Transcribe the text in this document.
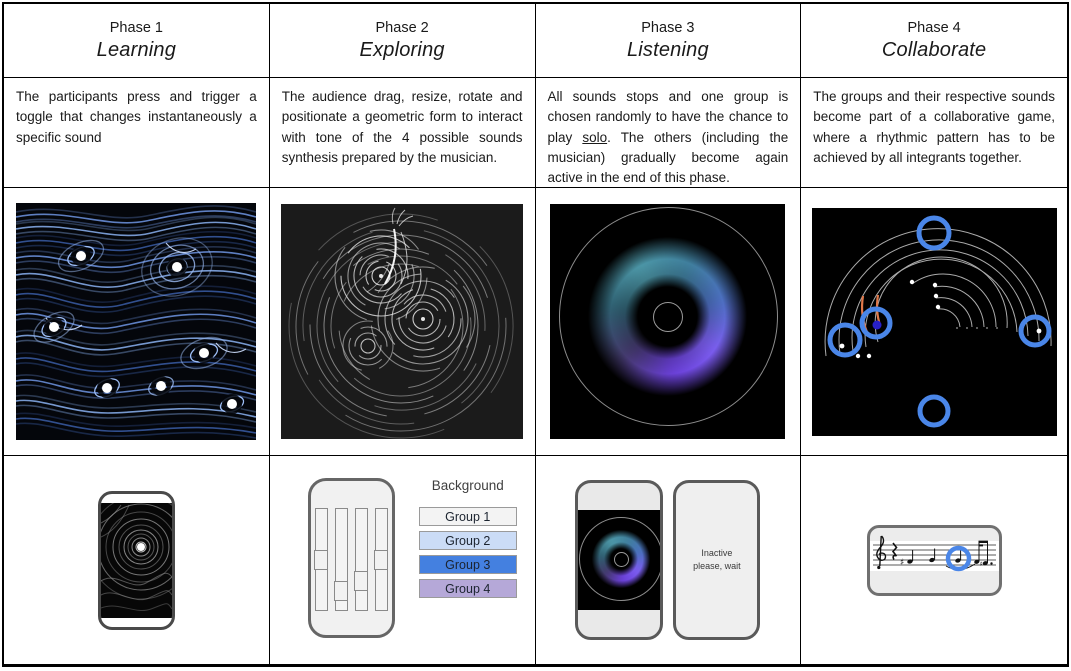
Phase 1
Learning
Phase 2
Exploring
Phase 3
Listening
Phase 4
Collaborate

The participants press and trigger a toggle that changes instantaneously a specific sound

The audience drag, resize, rotate and positionate a geometric form to interact with tone of the 4 possible sounds synthesis prepared by the musician.

All sounds stops and one group is chosen randomly to have the chance to play solo. The others (including the musician) gradually become again active in the end of this phase.

The groups and their respective sounds become part of a collaborative game, where a rhythmic pattern has to be achieved by all integrants together.

Background
Group 1
Group 2
Group 3
Group 4
Inactive please, wait	♯	♯
